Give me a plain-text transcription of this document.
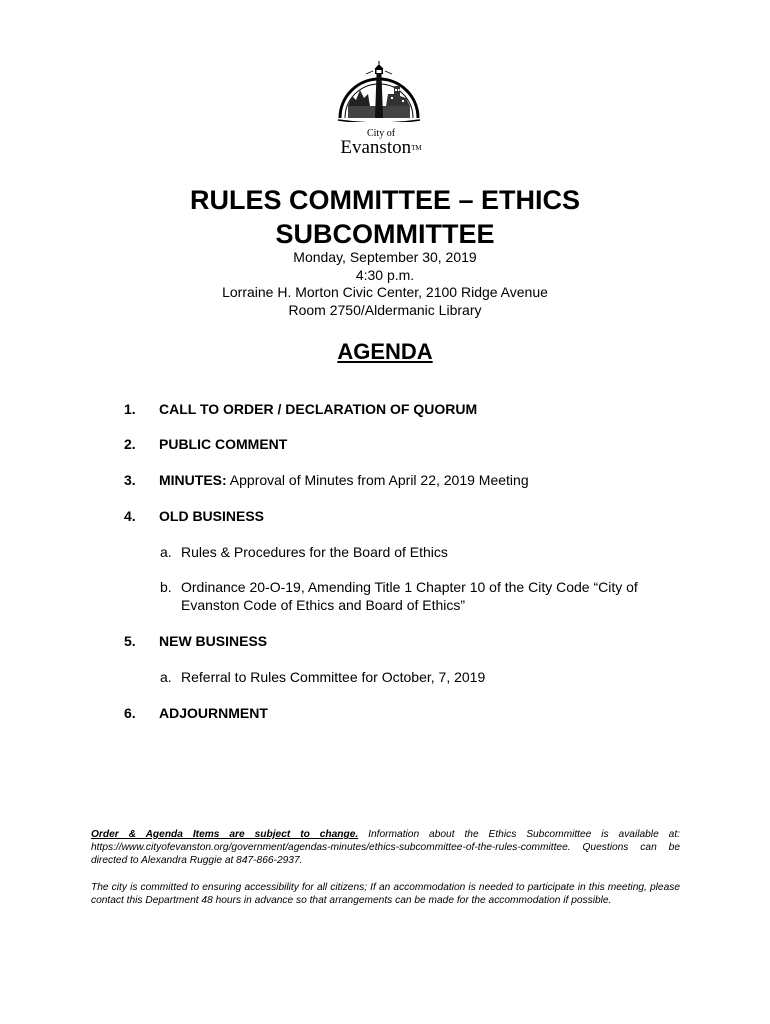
City of
Evanston™
RULES COMMITTEE – ETHICS
SUBCOMMITTEE
Monday, September 30, 2019
4:30 p.m.
Lorraine H. Morton Civic Center, 2100 Ridge Avenue
Room 2750/Aldermanic Library
AGENDA
1. CALL TO ORDER / DECLARATION OF QUORUM
2. PUBLIC COMMENT
3. MINUTES: Approval of Minutes from April 22, 2019 Meeting
4. OLD BUSINESS
a. Rules & Procedures for the Board of Ethics
b. Ordinance 20-O-19, Amending Title 1 Chapter 10 of the City Code “City of Evanston Code of Ethics and Board of Ethics”
5. NEW BUSINESS
a. Referral to Rules Committee for October, 7, 2019
6. ADJOURNMENT
Order & Agenda Items are subject to change. Information about the Ethics Subcommittee is available at: https://www.cityofevanston.org/government/agendas-minutes/ethics-subcommittee-of-the-rules-committee. Questions can be directed to Alexandra Ruggie at 847-866-2937.
The city is committed to ensuring accessibility for all citizens; If an accommodation is needed to participate in this meeting, please contact this Department 48 hours in advance so that arrangements can be made for the accommodation if possible.
